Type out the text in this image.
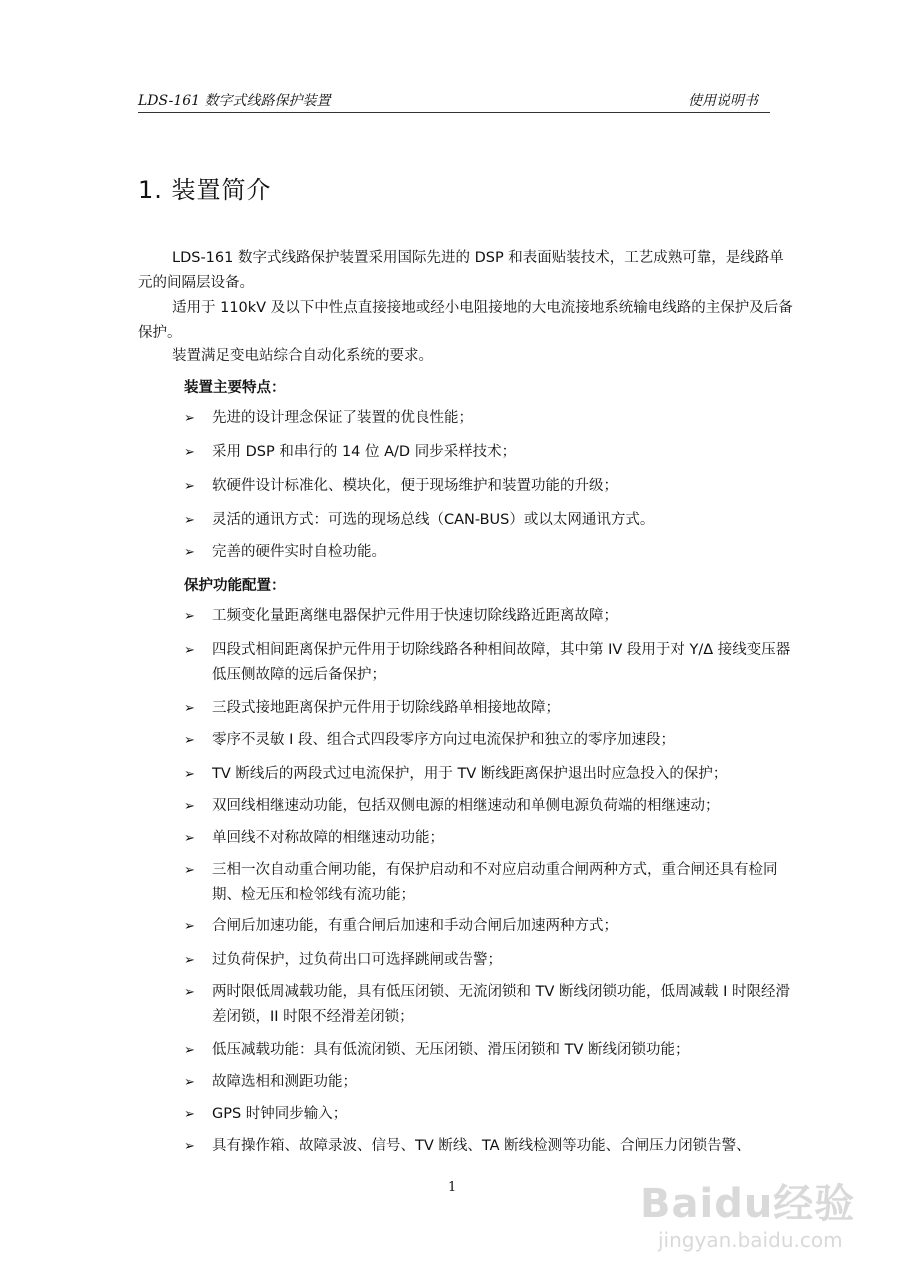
LDS-161 数字式线路保护装置	使用说明书
1. 装置简介
LDS-161 数字式线路保护装置采用国际先进的 DSP 和表面贴装技术，工艺成熟可靠，是线路单元的间隔层设备。
适用于 110kV 及以下中性点直接接地或经小电阻接地的大电流接地系统输电线路的主保护及后备保护。
装置满足变电站综合自动化系统的要求。
装置主要特点：
➢ 先进的设计理念保证了装置的优良性能；
➢ 采用 DSP 和串行的 14 位 A/D 同步采样技术；
➢ 软硬件设计标准化、模块化，便于现场维护和装置功能的升级；
➢ 灵活的通讯方式：可选的现场总线（CAN-BUS）或以太网通讯方式。
➢ 完善的硬件实时自检功能。
保护功能配置：
➢ 工频变化量距离继电器保护元件用于快速切除线路近距离故障；
➢ 四段式相间距离保护元件用于切除线路各种相间故障，其中第 IV 段用于对 Y/Δ 接线变压器低压侧故障的远后备保护；
➢ 三段式接地距离保护元件用于切除线路单相接地故障；
➢ 零序不灵敏 I 段、组合式四段零序方向过电流保护和独立的零序加速段；
➢ TV 断线后的两段式过电流保护，用于 TV 断线距离保护退出时应急投入的保护；
➢ 双回线相继速动功能，包括双侧电源的相继速动和单侧电源负荷端的相继速动；
➢ 单回线不对称故障的相继速动功能；
➢ 三相一次自动重合闸功能，有保护启动和不对应启动重合闸两种方式，重合闸还具有检同期、检无压和检邻线有流功能；
➢ 合闸后加速功能，有重合闸后加速和手动合闸后加速两种方式；
➢ 过负荷保护，过负荷出口可选择跳闸或告警；
➢ 两时限低周减载功能，具有低压闭锁、无流闭锁和 TV 断线闭锁功能，低周减载 I 时限经滑差闭锁，II 时限不经滑差闭锁；
➢ 低压减载功能：具有低流闭锁、无压闭锁、滑压闭锁和 TV 断线闭锁功能；
➢ 故障选相和测距功能；
➢ GPS 时钟同步输入；
➢ 具有操作箱、故障录波、信号、TV 断线、TA 断线检测等功能、合闸压力闭锁告警、
1	Baidu经验
jingyan.baidu.com
